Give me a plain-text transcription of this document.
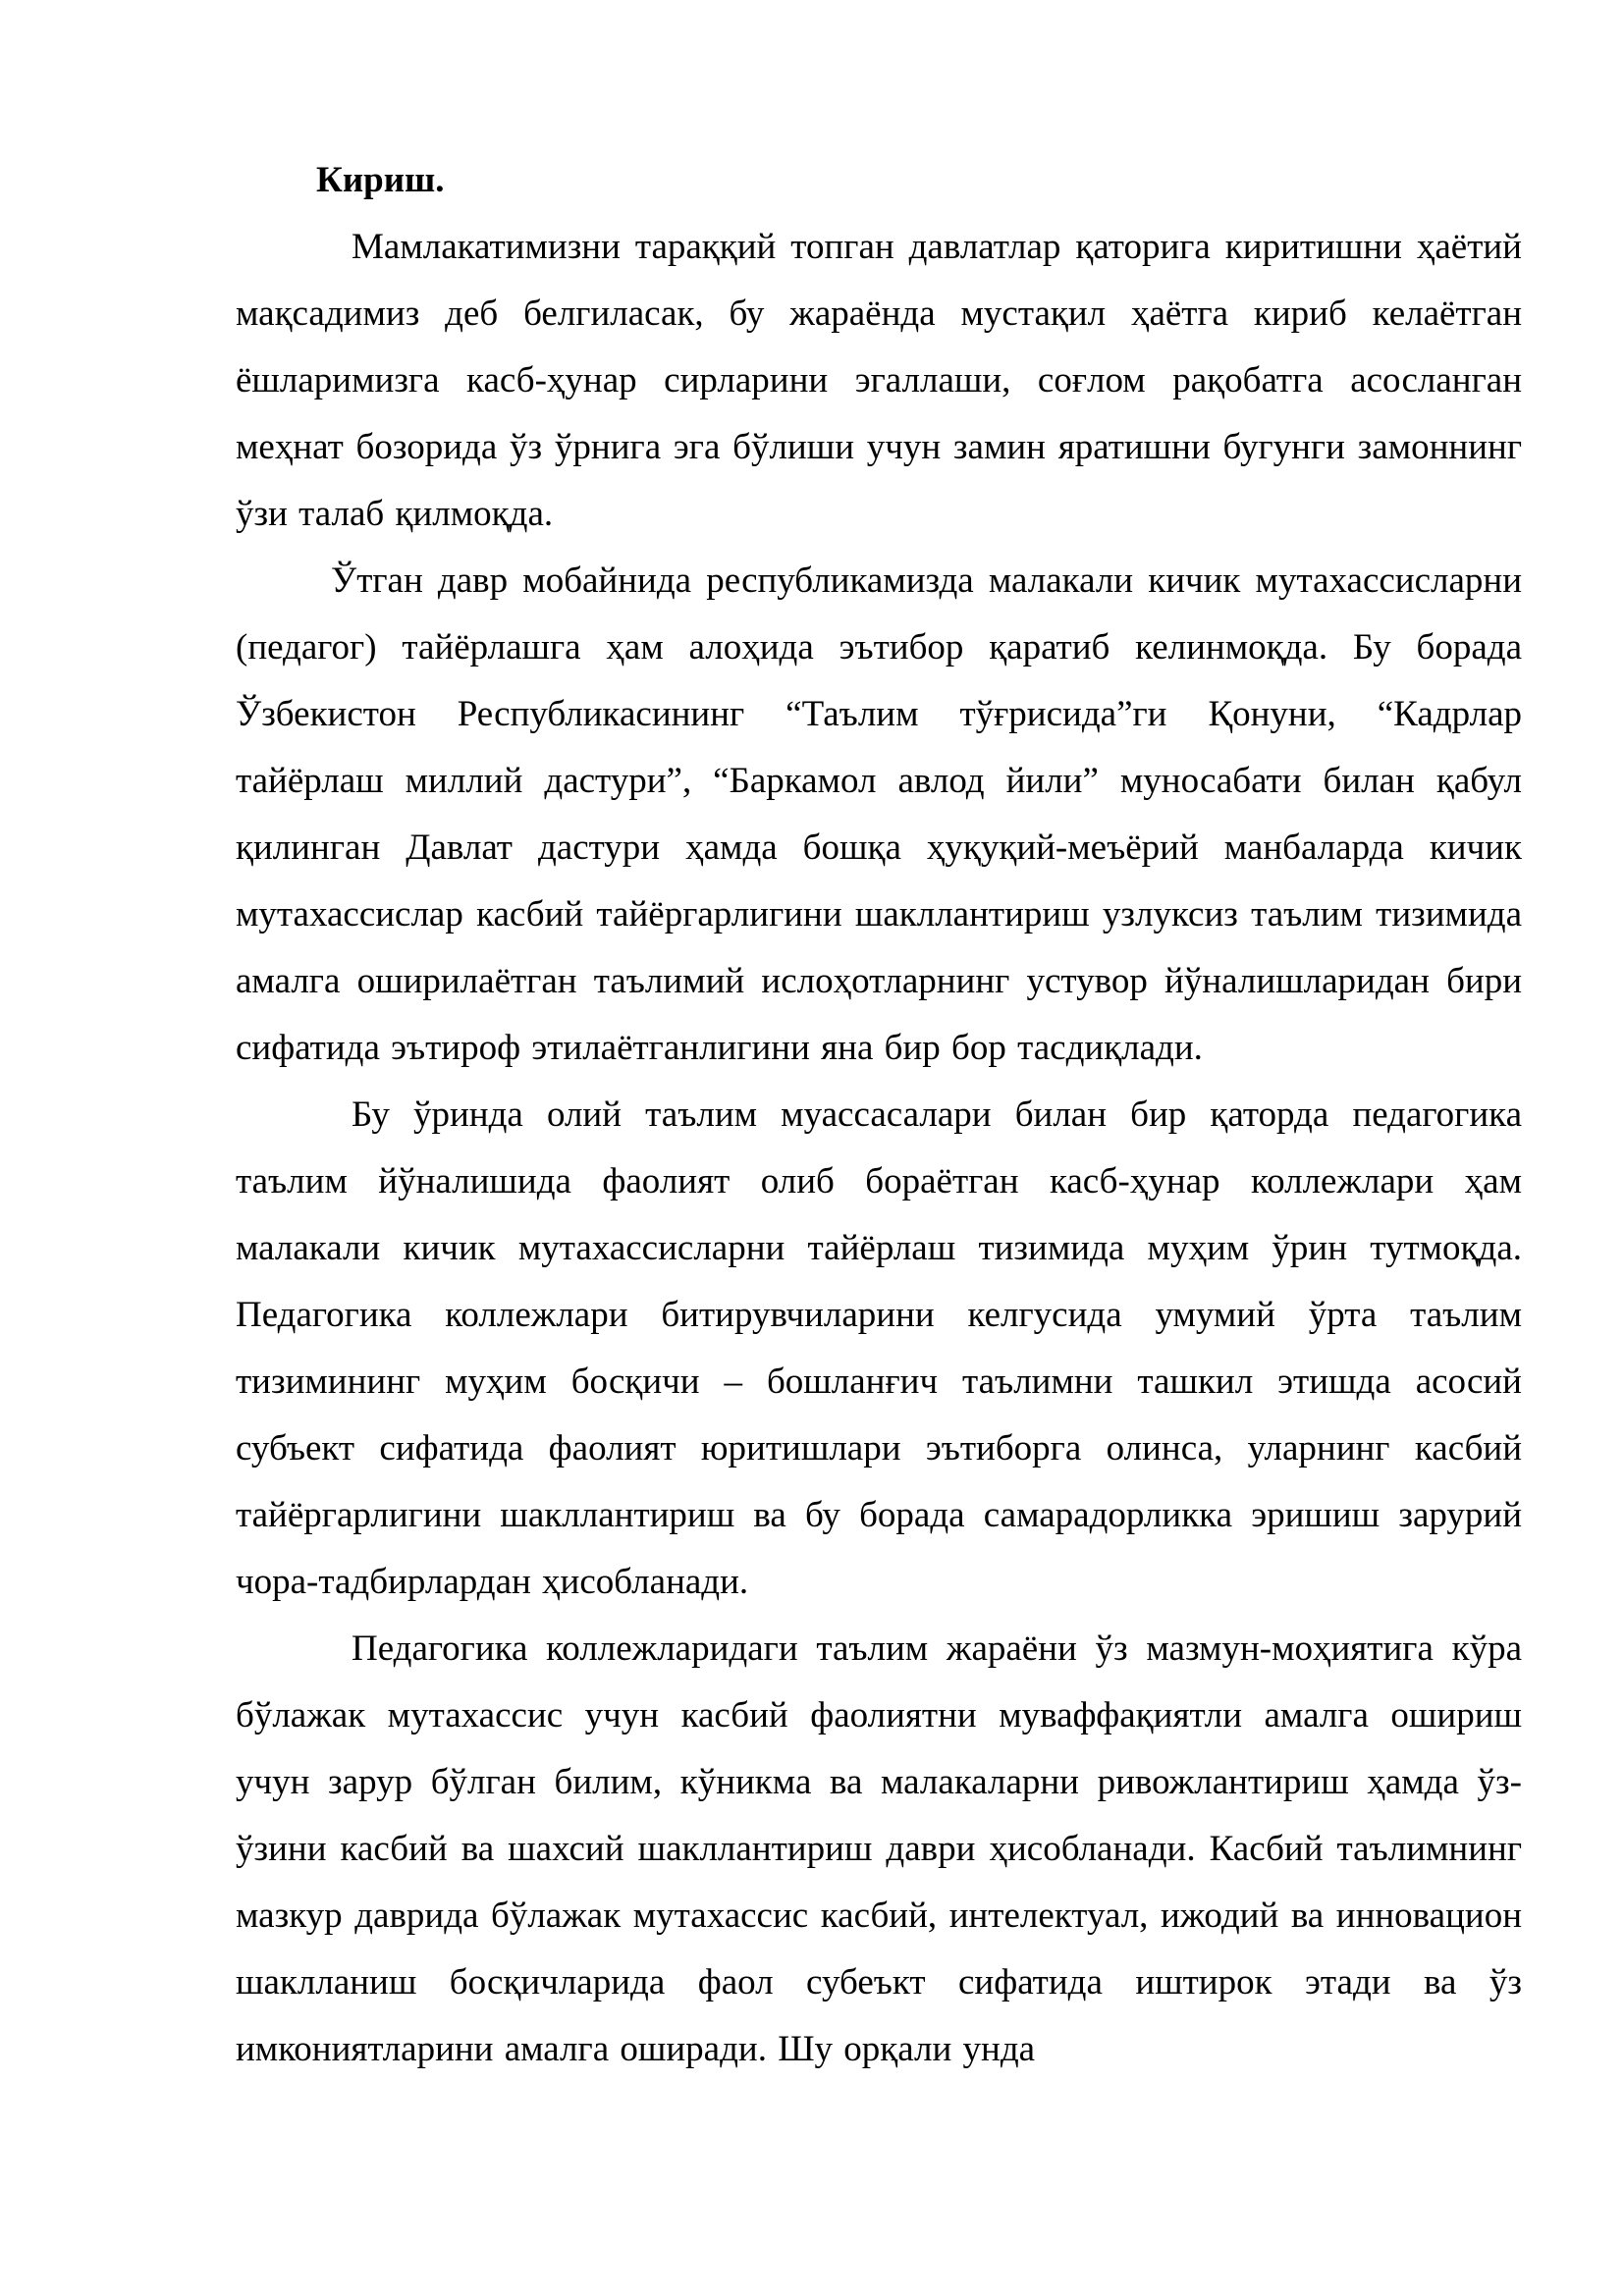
Кириш.

Мамлакатимизни тараққий топган давлатлар қаторига киритишни ҳаётий мақсадимиз деб белгиласак, бу жараёнда мустақил ҳаётга кириб келаётган ёшларимизга касб-ҳунар сирларини эгаллаши, соғлом рақобатга асосланган меҳнат бозорида ўз ўрнига эга бўлиши учун замин яратишни бугунги замоннинг ўзи талаб қилмоқда.

Ўтган давр мобайнида республикамизда малакали кичик мутахассисларни (педагог) тайёрлашга ҳам алоҳида эътибор қаратиб келинмоқда. Бу борада Ўзбекистон Республикасининг “Таълим тўғрисида”ги Қонуни, “Кадрлар тайёрлаш миллий дастури”, “Баркамол авлод йили” муносабати билан қабул қилинган Давлат дастури ҳамда бошқа ҳуқуқий-меъёрий манбаларда кичик мутахассислар касбий тайёргарлигини шакллантириш узлуксиз таълим тизимида амалга оширилаётган таълимий ислоҳотларнинг устувор йўналишларидан бири сифатида эътироф этилаётганлигини яна бир бор тасдиқлади.

Бу ўринда олий таълим муассасалари билан бир қаторда педагогика таълим йўналишида фаолият олиб бораётган касб-ҳунар коллежлари ҳам малакали кичик мутахассисларни тайёрлаш тизимида муҳим ўрин тутмоқда. Педагогика коллежлари битирувчиларини келгусида умумий ўрта таълим тизимининг муҳим босқичи – бошланғич таълимни ташкил этишда асосий субъект сифатида фаолият юритишлари эътиборга олинса, уларнинг касбий тайёргарлигини шакллантириш ва бу борада самарадорликка эришиш зарурий чора-тадбирлардан ҳисобланади.

Педагогика коллежларидаги таълим жараёни ўз мазмун-моҳиятига кўра бўлажак мутахассис учун касбий фаолиятни муваффақиятли амалга ошириш учун зарур бўлган билим, кўникма ва малакаларни ривожлантириш ҳамда ўз-ўзини касбий ва шахсий шакллантириш даври ҳисобланади. Касбий таълимнинг мазкур даврида бўлажак мутахассис касбий, интелектуал, ижодий ва инновацион шаклланиш босқичларида фаол субеъкт сифатида иштирок этади ва ўз имкониятларини амалга оширади. Шу орқали унда
